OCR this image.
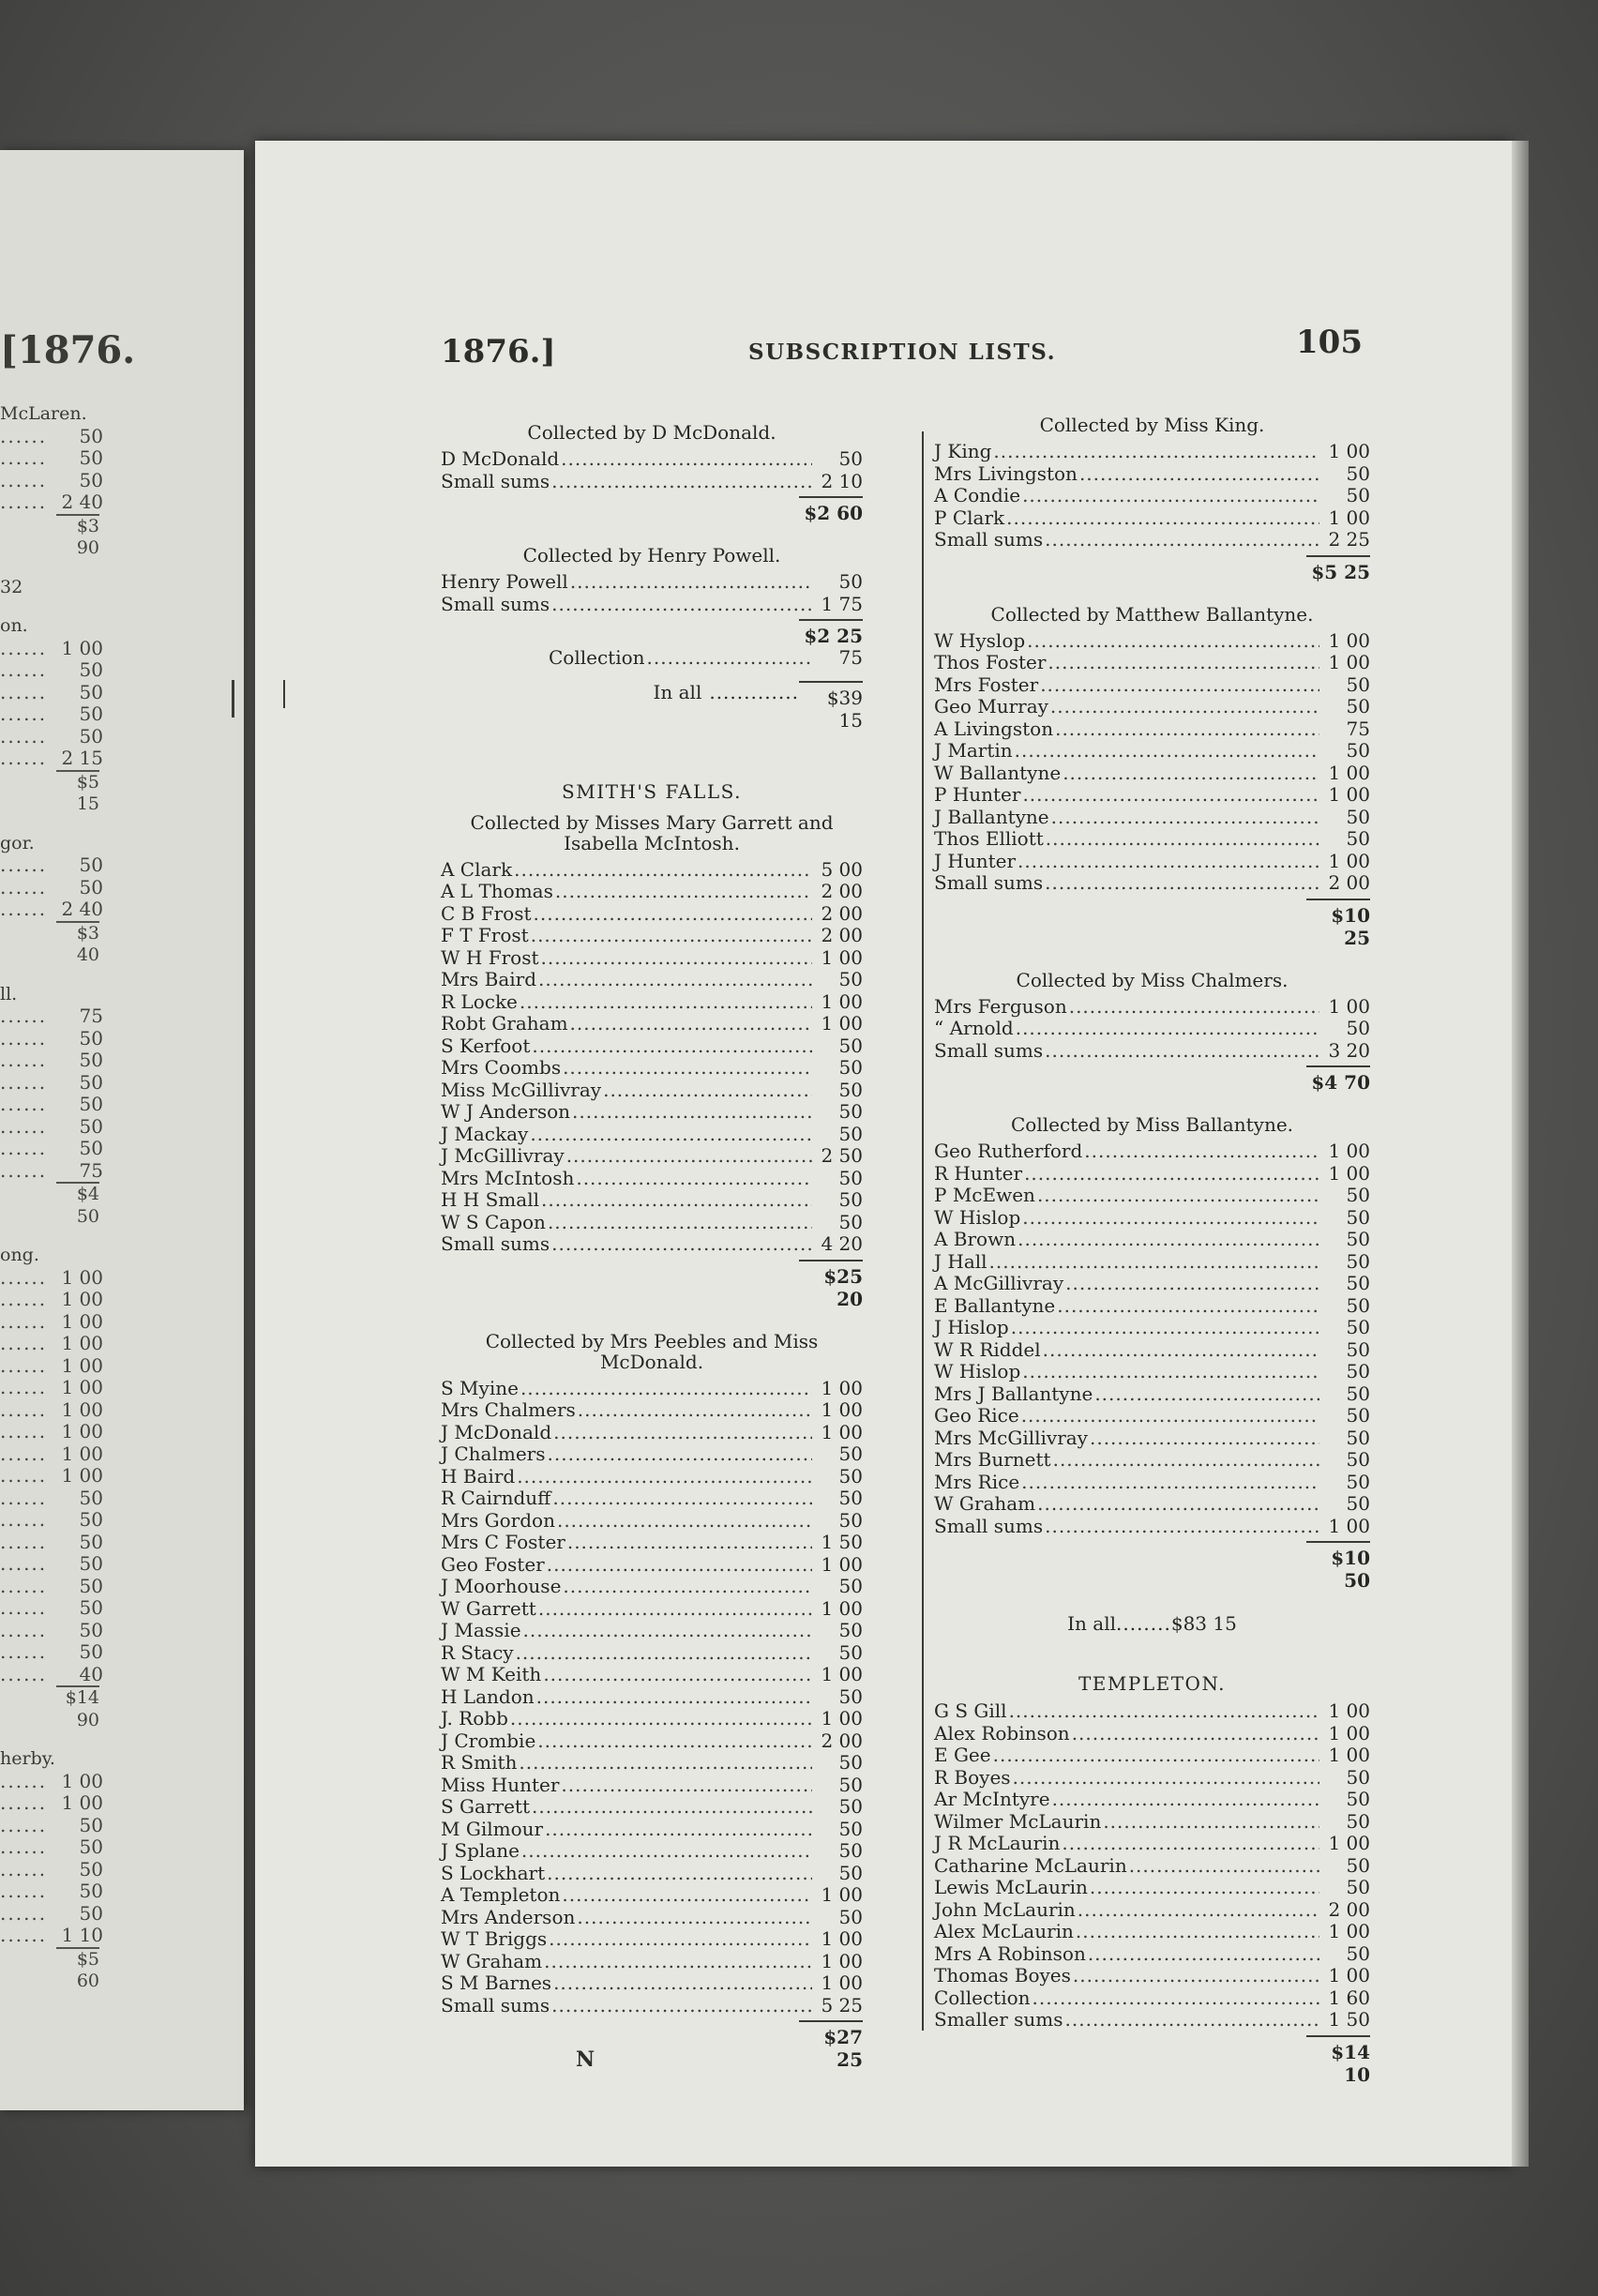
[1876.
McLaren.
......	50
......	50
......	50
...... 2 40
$3 90
32
on.
...... 1 00
......	50
......	50
......	50
......	50
...... 2 15
$5 15
gor.
......	50
......	50
...... 2 40
$3 40
ll.
......	75
......	50
......	50
......	50
......	50
......	50
......	50
......	75
$4 50
ong.
...... 1 00
...... 1 00
...... 1 00
...... 1 00
...... 1 00
...... 1 00
...... 1 00
...... 1 00
...... 1 00
...... 1 00
......	50
......	50
......	50
......	50
......	50
......	50
......	50
......	50
......	40
$14 90
herby.
...... 1 00
...... 1 00
......	50
......	50
......	50
......	50
......	50
...... 1 10
$5 60
1876.]	SUBSCRIPTION LISTS.	105
Collected by D McDonald.
D McDonald .....	50
Small sums .....	2 10
$2 60
Collected by Henry Powell.
Henry Powell .....	50
Small sums .....	1 75
$2 25
Collection .....	75
In all .............	$39 15
SMITH'S FALLS.
Collected by Misses Mary Garrett and Isabella McIntosh.
A Clark .....	5 00
A L Thomas .....	2 00
C B Frost .....	2 00
F T Frost .....	2 00
W H Frost .....	1 00
Mrs Baird .....	50
R Locke .....	1 00
Robt Graham .....	1 00
S Kerfoot .....	50
Mrs Coombs .....	50
Miss McGillivray .....	50
W J Anderson .....	50
J Mackay .....	50
J McGillivray .....	2 50
Mrs McIntosh .....	50
H H Small .....	50
W S Capon .....	50
Small sums .....	4 20
$25 20
Collected by Mrs Peebles and Miss McDonald.
S Myine .....	1 00
Mrs Chalmers .....	1 00
J McDonald .....	1 00
J Chalmers .....	50
H Baird .....	50
R Cairnduff .....	50
Mrs Gordon .....	50
Mrs C Foster .....	1 50
Geo Foster .....	1 00
J Moorhouse .....	50
W Garrett .....	1 00
J Massie .....	50
R Stacy .....	50
W M Keith .....	1 00
H Landon .....	50
J. Robb .....	1 00
J Crombie .....	2 00
R Smith .....	50
Miss Hunter .....	50
S Garrett .....	50
M Gilmour .....	50
J Splane .....	50
S Lockhart .....	50
A Templeton .....	1 00
Mrs Anderson .....	50
W T Briggs .....	1 00
W Graham .....	1 00
S M Barnes .....	1 00
Small sums .....	5 25
$27 25
Collected by Miss King.
J King .....	1 00
Mrs Livingston .....	50
A Condie .....	50
P Clark .....	1 00
Small sums .....	2 25
$5 25
Collected by Matthew Ballantyne.
W Hyslop .....	1 00
Thos Foster .....	1 00
Mrs Foster .....	50
Geo Murray .....	50
A Livingston .....	75
J Martin .....	50
W Ballantyne .....	1 00
P Hunter .....	1 00
J Ballantyne .....	50
Thos Elliott .....	50
J Hunter .....	1 00
Small sums .....	2 00
$10 25
Collected by Miss Chalmers.
Mrs Ferguson .....	1 00
“ Arnold .....	50
Small sums .....	3 20
$4 70
Collected by Miss Ballantyne.
Geo Rutherford .....	1 00
R Hunter .....	1 00
P McEwen .....	50
W Hislop .....	50
A Brown .....	50
J Hall .....	50
A McGillivray .....	50
E Ballantyne .....	50
J Hislop .....	50
W R Riddel .....	50
W Hislop .....	50
Mrs J Ballantyne .....	50
Geo Rice .....	50
Mrs McGillivray .....	50
Mrs Burnett .....	50
Mrs Rice .....	50
W Graham .....	50
Small sums .....	1 00
$10 50
In all........$83 15
TEMPLETON.
G S Gill .....	1 00
Alex Robinson .....	1 00
E Gee .....	1 00
R Boyes .....	50
Ar McIntyre .....	50
Wilmer McLaurin .....	50
J R McLaurin .....	1 00
Catharine McLaurin .....	50
Lewis McLaurin .....	50
John McLaurin .....	2 00
Alex McLaurin .....	1 00
Mrs A Robinson .....	50
Thomas Boyes .....	1 00
Collection .....	1 60
Smaller sums .....	1 50
$14 10
N
